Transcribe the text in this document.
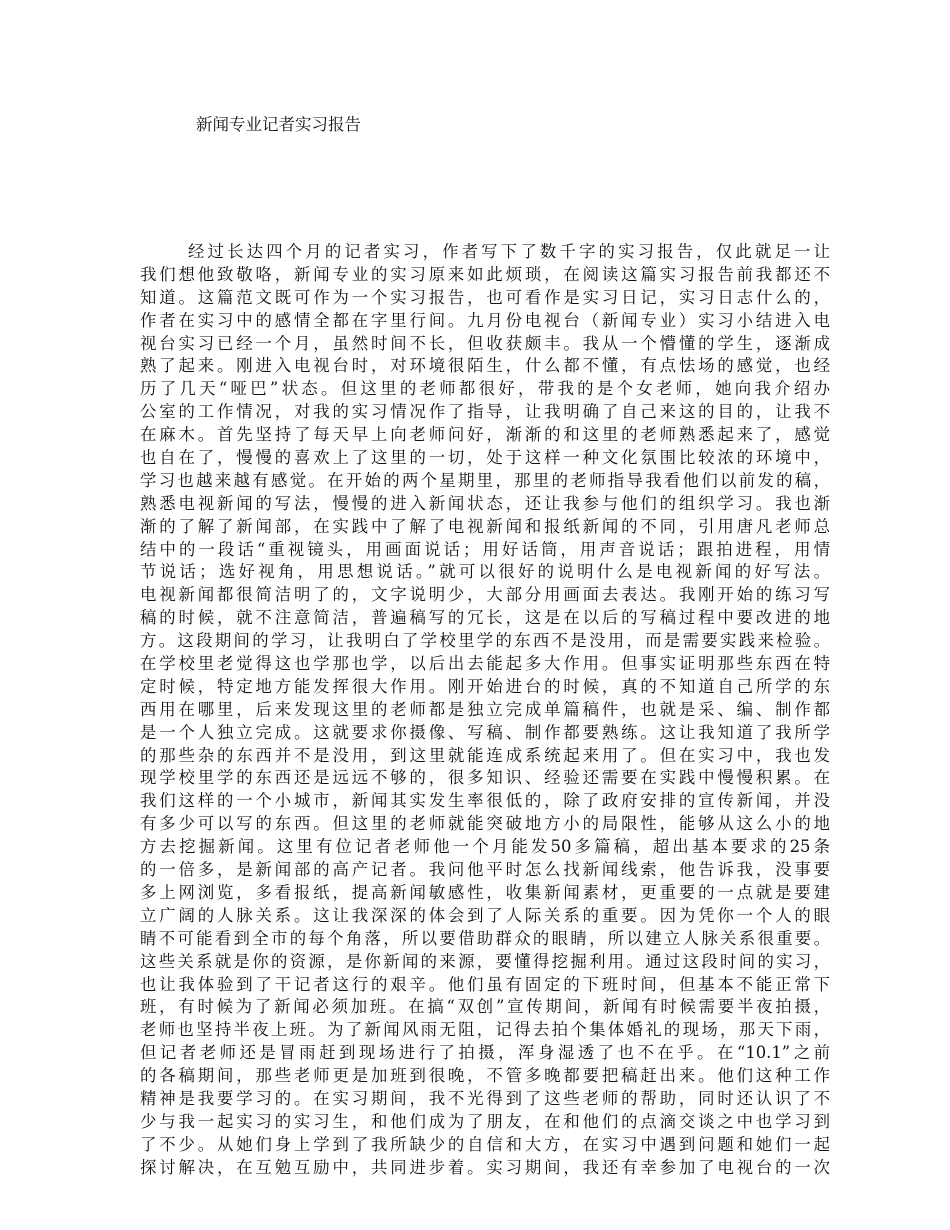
新闻专业记者实习报告
经过长达四个月的记者实习，作者写下了数千字的实习报告，仅此就足一让
我们想他致敬咯，新闻专业的实习原来如此烦琐，在阅读这篇实习报告前我都还不
知道。这篇范文既可作为一个实习报告，也可看作是实习日记，实习日志什么的，
作者在实习中的感情全都在字里行间。九月份电视台（新闻专业）实习小结进入电
视台实习已经一个月，虽然时间不长，但收获颇丰。我从一个懵懂的学生，逐渐成
熟了起来。刚进入电视台时，对环境很陌生，什么都不懂，有点怯场的感觉，也经
历了几天“哑巴”状态。但这里的老师都很好，带我的是个女老师，她向我介绍办
公室的工作情况，对我的实习情况作了指导，让我明确了自己来这的目的，让我不
在麻木。首先坚持了每天早上向老师问好，渐渐的和这里的老师熟悉起来了，感觉
也自在了，慢慢的喜欢上了这里的一切，处于这样一种文化氛围比较浓的环境中，
学习也越来越有感觉。在开始的两个星期里，那里的老师指导我看他们以前发的稿，
熟悉电视新闻的写法，慢慢的进入新闻状态，还让我参与他们的组织学习。我也渐
渐的了解了新闻部，在实践中了解了电视新闻和报纸新闻的不同，引用唐凡老师总
结中的一段话“重视镜头，用画面说话；用好话筒，用声音说话；跟拍进程，用情
节说话；选好视角，用思想说话。”就可以很好的说明什么是电视新闻的好写法。
电视新闻都很简洁明了的，文字说明少，大部分用画面去表达。我刚开始的练习写
稿的时候，就不注意简洁，普遍稿写的冗长，这是在以后的写稿过程中要改进的地
方。这段期间的学习，让我明白了学校里学的东西不是没用，而是需要实践来检验。
在学校里老觉得这也学那也学，以后出去能起多大作用。但事实证明那些东西在特
定时候，特定地方能发挥很大作用。刚开始进台的时候，真的不知道自己所学的东
西用在哪里，后来发现这里的老师都是独立完成单篇稿件，也就是采、编、制作都
是一个人独立完成。这就要求你摄像、写稿、制作都要熟练。这让我知道了我所学
的那些杂的东西并不是没用，到这里就能连成系统起来用了。但在实习中，我也发
现学校里学的东西还是远远不够的，很多知识、经验还需要在实践中慢慢积累。在
我们这样的一个小城市，新闻其实发生率很低的，除了政府安排的宣传新闻，并没
有多少可以写的东西。但这里的老师就能突破地方小的局限性，能够从这么小的地
方去挖掘新闻。这里有位记者老师他一个月能发50多篇稿，超出基本要求的25条
的一倍多，是新闻部的高产记者。我问他平时怎么找新闻线索，他告诉我，没事要
多上网浏览，多看报纸，提高新闻敏感性，收集新闻素材，更重要的一点就是要建
立广阔的人脉关系。这让我深深的体会到了人际关系的重要。因为凭你一个人的眼
睛不可能看到全市的每个角落，所以要借助群众的眼睛，所以建立人脉关系很重要。
这些关系就是你的资源，是你新闻的来源，要懂得挖掘利用。通过这段时间的实习，
也让我体验到了干记者这行的艰辛。他们虽有固定的下班时间，但基本不能正常下
班，有时候为了新闻必须加班。在搞“双创”宣传期间，新闻有时候需要半夜拍摄，
老师也坚持半夜上班。为了新闻风雨无阻，记得去拍个集体婚礼的现场，那天下雨，
但记者老师还是冒雨赶到现场进行了拍摄，浑身湿透了也不在乎。在“10.1”之前
的各稿期间，那些老师更是加班到很晚，不管多晚都要把稿赶出来。他们这种工作
精神是我要学习的。在实习期间，我不光得到了这些老师的帮助，同时还认识了不
少与我一起实习的实习生，和他们成为了朋友，在和他们的点滴交谈之中也学习到
了不少。从她们身上学到了我所缺少的自信和大方，在实习中遇到问题和她们一起
探讨解决，在互勉互励中，共同进步着。实习期间，我还有幸参加了电视台的一次
